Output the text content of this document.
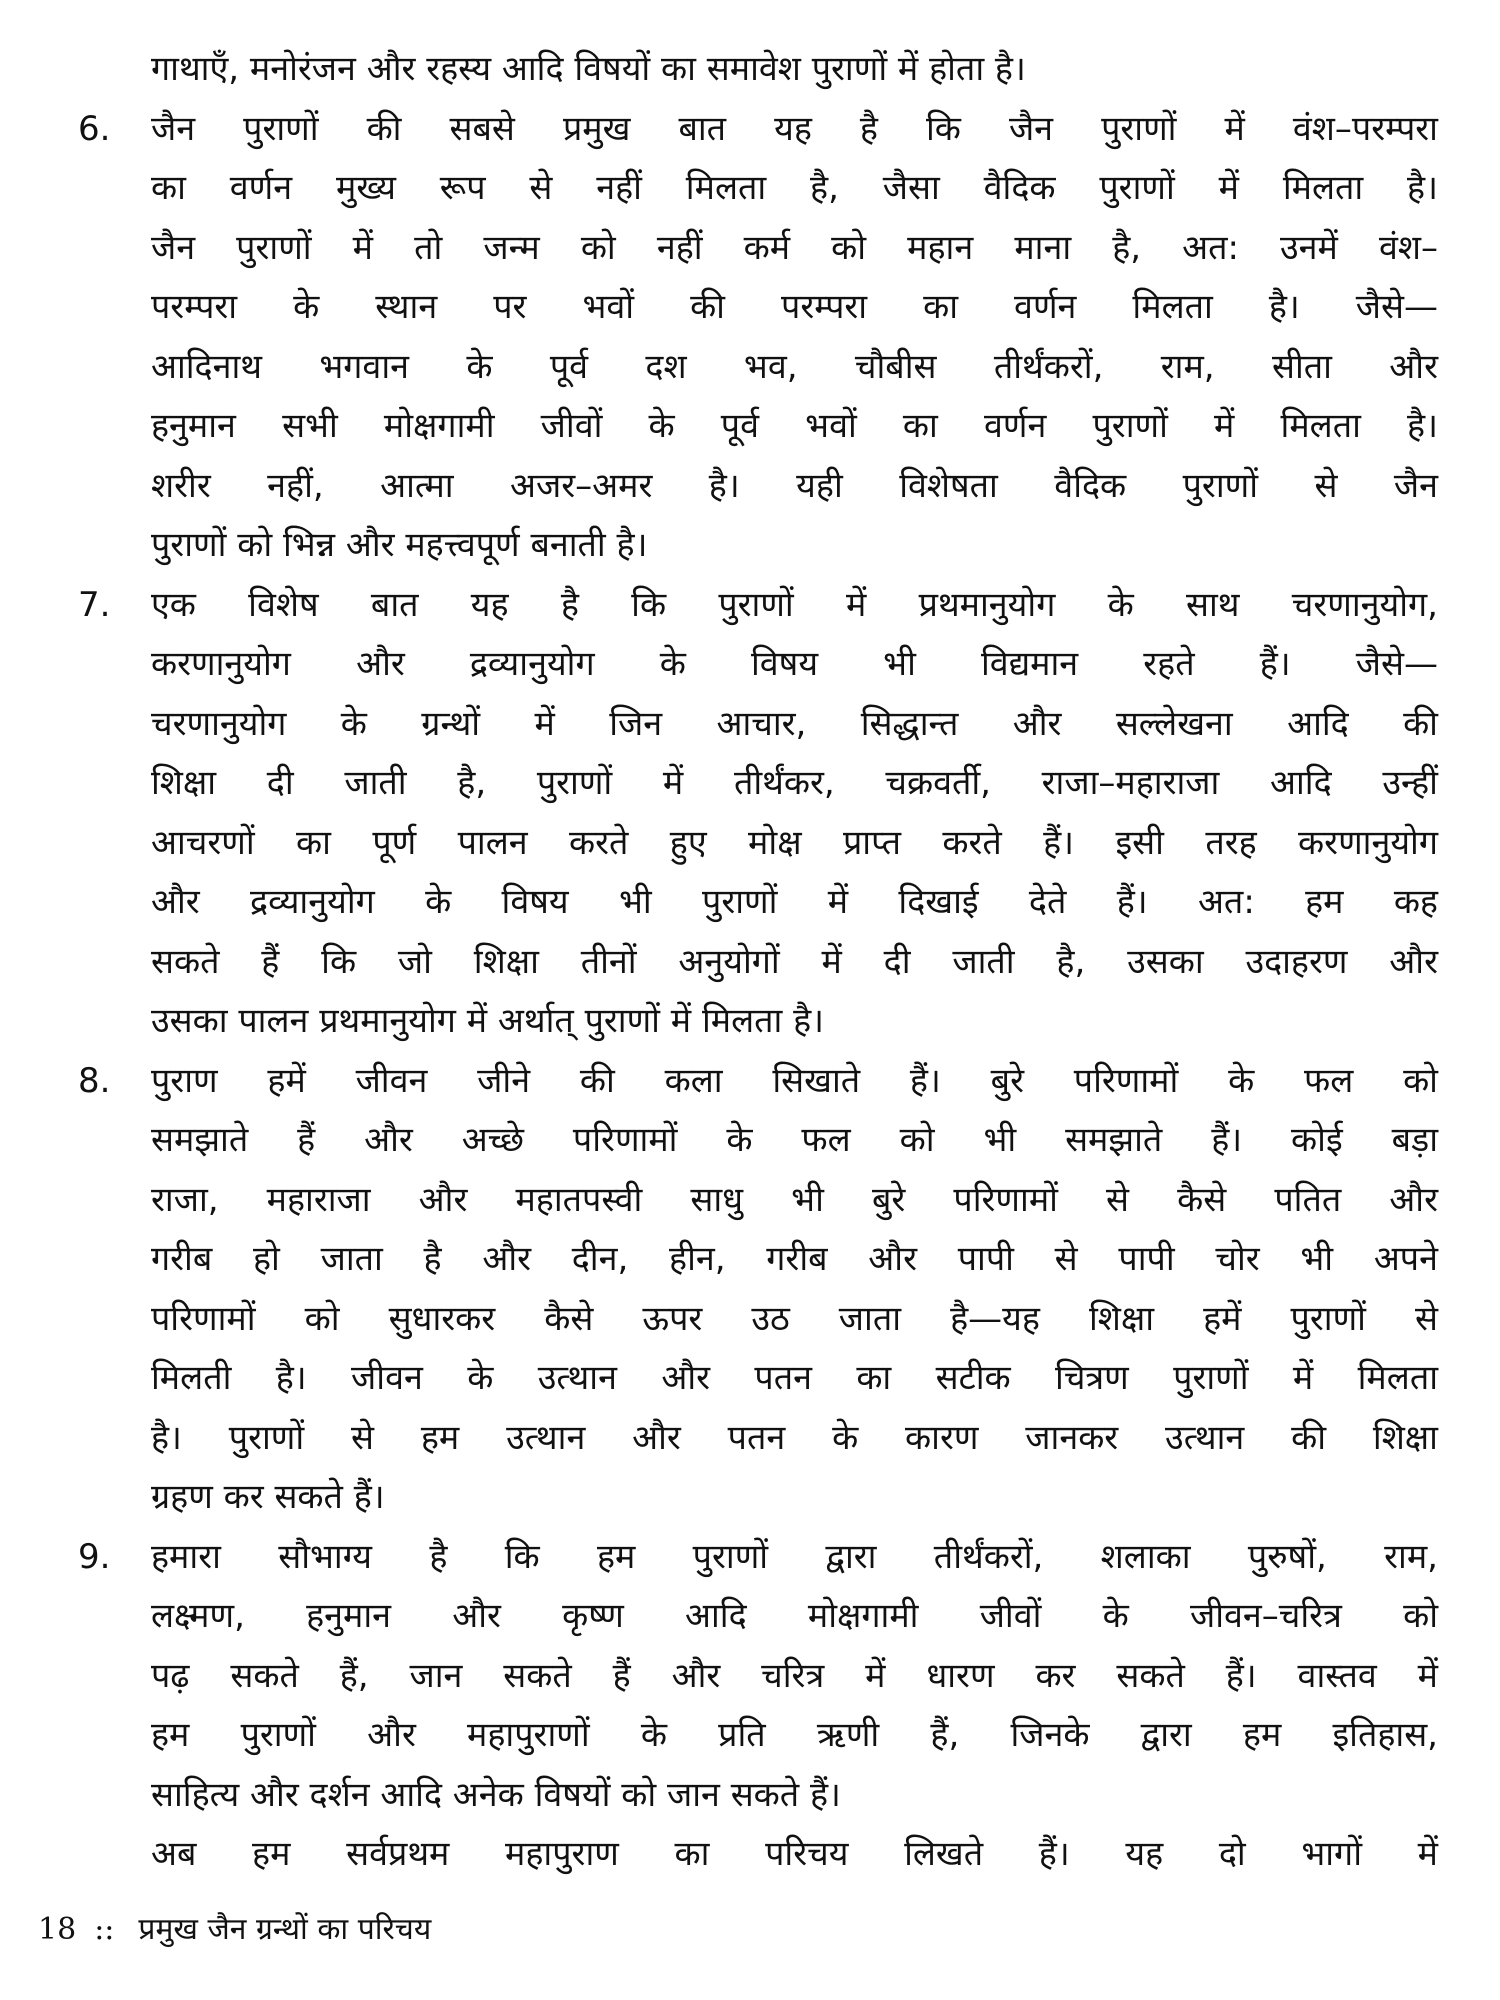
गाथाएँ, मनोरंजन और रहस्य आदि विषयों का समावेश पुराणों में होता है।
6. जैन पुराणों की सबसे प्रमुख बात यह है कि जैन पुराणों में वंश–परम्परा
का वर्णन मुख्य रूप से नहीं मिलता है, जैसा वैदिक पुराणों में मिलता है।
जैन पुराणों में तो जन्म को नहीं कर्म को महान माना है, अत: उनमें वंश–
परम्परा के स्थान पर भवों की परम्परा का वर्णन मिलता है। जैसे—
आदिनाथ भगवान के पूर्व दश भव, चौबीस तीर्थंकरों, राम, सीता और
हनुमान सभी मोक्षगामी जीवों के पूर्व भवों का वर्णन पुराणों में मिलता है।
शरीर नहीं, आत्मा अजर–अमर है। यही विशेषता वैदिक पुराणों से जैन
पुराणों को भिन्न और महत्त्वपूर्ण बनाती है।
7. एक विशेष बात यह है कि पुराणों में प्रथमानुयोग के साथ चरणानुयोग,
करणानुयोग और द्रव्यानुयोग के विषय भी विद्यमान रहते हैं। जैसे—
चरणानुयोग के ग्रन्थों में जिन आचार, सिद्धान्त और सल्लेखना आदि की
शिक्षा दी जाती है, पुराणों में तीर्थंकर, चक्रवर्ती, राजा–महाराजा आदि उन्हीं
आचरणों का पूर्ण पालन करते हुए मोक्ष प्राप्त करते हैं। इसी तरह करणानुयोग
और द्रव्यानुयोग के विषय भी पुराणों में दिखाई देते हैं। अत: हम कह
सकते हैं कि जो शिक्षा तीनों अनुयोगों में दी जाती है, उसका उदाहरण और
उसका पालन प्रथमानुयोग में अर्थात् पुराणों में मिलता है।
8. पुराण हमें जीवन जीने की कला सिखाते हैं। बुरे परिणामों के फल को
समझाते हैं और अच्छे परिणामों के फल को भी समझाते हैं। कोई बड़ा
राजा, महाराजा और महातपस्वी साधु भी बुरे परिणामों से कैसे पतित और
गरीब हो जाता है और दीन, हीन, गरीब और पापी से पापी चोर भी अपने
परिणामों को सुधारकर कैसे ऊपर उठ जाता है—यह शिक्षा हमें पुराणों से
मिलती है। जीवन के उत्थान और पतन का सटीक चित्रण पुराणों में मिलता
है। पुराणों से हम उत्थान और पतन के कारण जानकर उत्थान की शिक्षा
ग्रहण कर सकते हैं।
9. हमारा सौभाग्य है कि हम पुराणों द्वारा तीर्थंकरों, शलाका पुरुषों, राम,
लक्ष्मण, हनुमान और कृष्ण आदि मोक्षगामी जीवों के जीवन–चरित्र को
पढ़ सकते हैं, जान सकते हैं और चरित्र में धारण कर सकते हैं। वास्तव में
हम पुराणों और महापुराणों के प्रति ऋणी हैं, जिनके द्वारा हम इतिहास,
साहित्य और दर्शन आदि अनेक विषयों को जान सकते हैं।
अब हम सर्वप्रथम महापुराण का परिचय लिखते हैं। यह दो भागों में
18 :: प्रमुख जैन ग्रन्थों का परिचय
